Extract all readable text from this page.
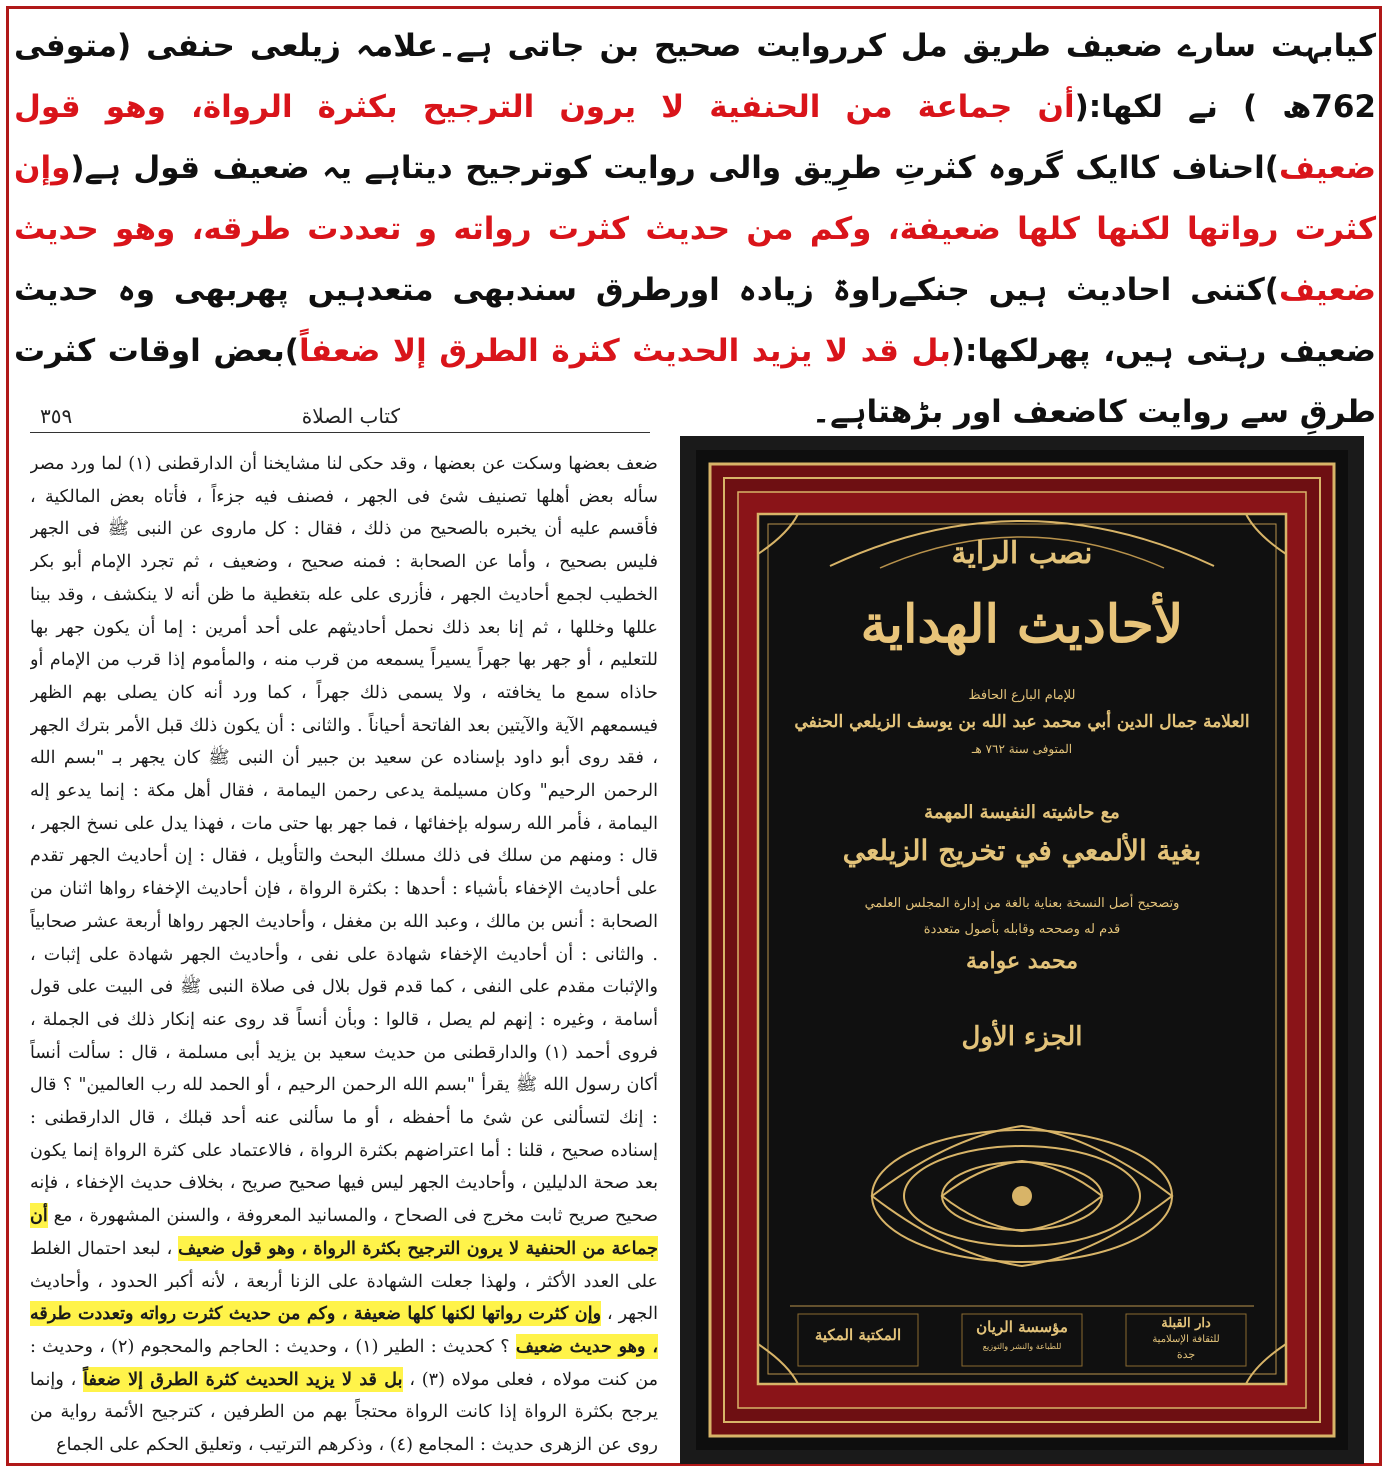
کیابہت سارے ضعیف طریق مل کرروایت صحیح بن جاتی ہے۔علامہ زیلعی حنفی (متوفی 762ھ ) نے لکھا:(أن جماعة من الحنفية لا يرون الترجيح بكثرة الرواة، وهو قول ضعيف)احناف کاایک گروہ کثرتِ طرِیق والی روایت کوترجیح دیتاہے یہ ضعیف قول ہے(وإن كثرت رواتها لكنها كلها ضعيفة، وكم من حديث كثرت رواته و تعددت طرقه، وهو حديث ضعيف)کتنی احادیث ہیں جنکےراوۃ زیادہ اورطرق سندبھی متعدہیں پھربھی وہ حدیث ضعیف رہتی ہیں، پھرلکھا:(بل قد لا يزيد الحديث كثرة الطرق إلا ضعفاً)بعض اوقات کثرت طرقِ سے روایت کاضعف اور بڑھتاہے۔
كتاب الصلاة
٣٥٩
ضعف بعضها وسكت عن بعضها ، وقد حكى لنا مشايخنا أن الدارقطنى (١) لما ورد مصر سأله بعض أهلها تصنيف شئ فى الجهر ، فصنف فيه جزءاً ، فأتاه بعض المالكية ، فأقسم عليه أن يخبره بالصحيح من ذلك ، فقال : كل ماروى عن النبى ﷺ فى الجهر فليس بصحيح ، وأما عن الصحابة : فمنه صحيح ، وضعيف ، ثم تجرد الإمام أبو بكر الخطيب لجمع أحاديث الجهر ، فأزرى على عله بتغطية ما ظن أنه لا ينكشف ، وقد بينا عللها وخللها ، ثم إنا بعد ذلك نحمل أحاديثهم على أحد أمرين : إما أن يكون جهر بها للتعليم ، أو جهر بها جهراً يسيراً يسمعه من قرب منه ، والمأموم إذا قرب من الإمام أو حاذاه سمع ما يخافته ، ولا يسمى ذلك جهراً ، كما ورد أنه كان يصلى بهم الظهر فيسمعهم الآية والآيتين بعد الفاتحة أحياناً . والثانى : أن يكون ذلك قبل الأمر بترك الجهر ، فقد روى أبو داود بإسناده عن سعيد بن جبير أن النبى ﷺ كان يجهر بـ "بسم الله الرحمن الرحيم" وكان مسيلمة يدعى رحمن اليمامة ، فقال أهل مكة : إنما يدعو إله اليمامة ، فأمر الله رسوله بإخفائها ، فما جهر بها حتى مات ، فهذا يدل على نسخ الجهر ، قال : ومنهم من سلك فى ذلك مسلك البحث والتأويل ، فقال : إن أحاديث الجهر تقدم على أحاديث الإخفاء بأشياء : أحدها : بكثرة الرواة ، فإن أحاديث الإخفاء رواها اثنان من الصحابة : أنس بن مالك ، وعبد الله بن مغفل ، وأحاديث الجهر رواها أربعة عشر صحابياً . والثانى : أن أحاديث الإخفاء شهادة على نفى ، وأحاديث الجهر شهادة على إثبات ، والإثبات مقدم على النفى ، كما قدم قول بلال فى صلاة النبى ﷺ فى البيت على قول أسامة ، وغيره : إنهم لم يصل ، قالوا : وبأن أنساً قد روى عنه إنكار ذلك فى الجملة ، فروى أحمد (١) والدارقطنى من حديث سعيد بن يزيد أبى مسلمة ، قال : سألت أنساً أكان رسول الله ﷺ يقرأ "بسم الله الرحمن الرحيم ، أو الحمد لله رب العالمين" ؟ قال : إنك لتسألنى عن شئ ما أحفظه ، أو ما سألنى عنه أحد قبلك ، قال الدارقطنى : إسناده صحيح ، قلنا : أما اعتراضهم بكثرة الرواة ، فالاعتماد على كثرة الرواة إنما يكون بعد صحة الدليلين ، وأحاديث الجهر ليس فيها صحيح صريح ، بخلاف حديث الإخفاء ، فإنه صحيح صريح ثابت مخرج فى الصحاح ، والمسانيد المعروفة ، والسنن المشهورة ، مع أن جماعة من الحنفية لا يرون الترجيح بكثرة الرواة ، وهو قول ضعيف ، لبعد احتمال الغلط على العدد الأكثر ، ولهذا جعلت الشهادة على الزنا أربعة ، لأنه أكبر الحدود ، وأحاديث الجهر ، وإن كثرت رواتها لكنها كلها ضعيفة ، وكم من حديث كثرت رواته وتعددت طرقه ، وهو حديث ضعيف ؟ كحديث : الطير (١) ، وحديث : الحاجم والمحجوم (٢) ، وحديث : من كنت مولاه ، فعلى مولاه (٣) ، بل قد لا يزيد الحديث كثرة الطرق إلا ضعفاً ، وإنما يرجح بكثرة الرواة إذا كانت الرواة محتجاً بهم من الطرفين ، كترجيح الأئمة رواية من روى عن الزهرى حديث : المجامع (٤) ، وذكرهم الترتيب ، وتعليق الحكم على الجماع
نصب الراية
لأحاديث الهداية
للإمام البارع الحافظ
العلامة جمال الدين أبي محمد عبد الله بن يوسف الزيلعي الحنفي
المتوفى سنة ٧٦٢ هـ
مع حاشيته النفيسة المهمة
بغية الألمعي في تخريج الزيلعي
وتصحيح أصل النسخة بعناية بالغة من إدارة المجلس العلمي
قدم له وصححه وقابله بأصول متعددة
محمد عوامة
الجزء الأول
المكتبة المكية	مؤسسة الريان
للطباعة والنشر والتوزيع
دار القبلة
للثقافة الإسلامية
جدة
